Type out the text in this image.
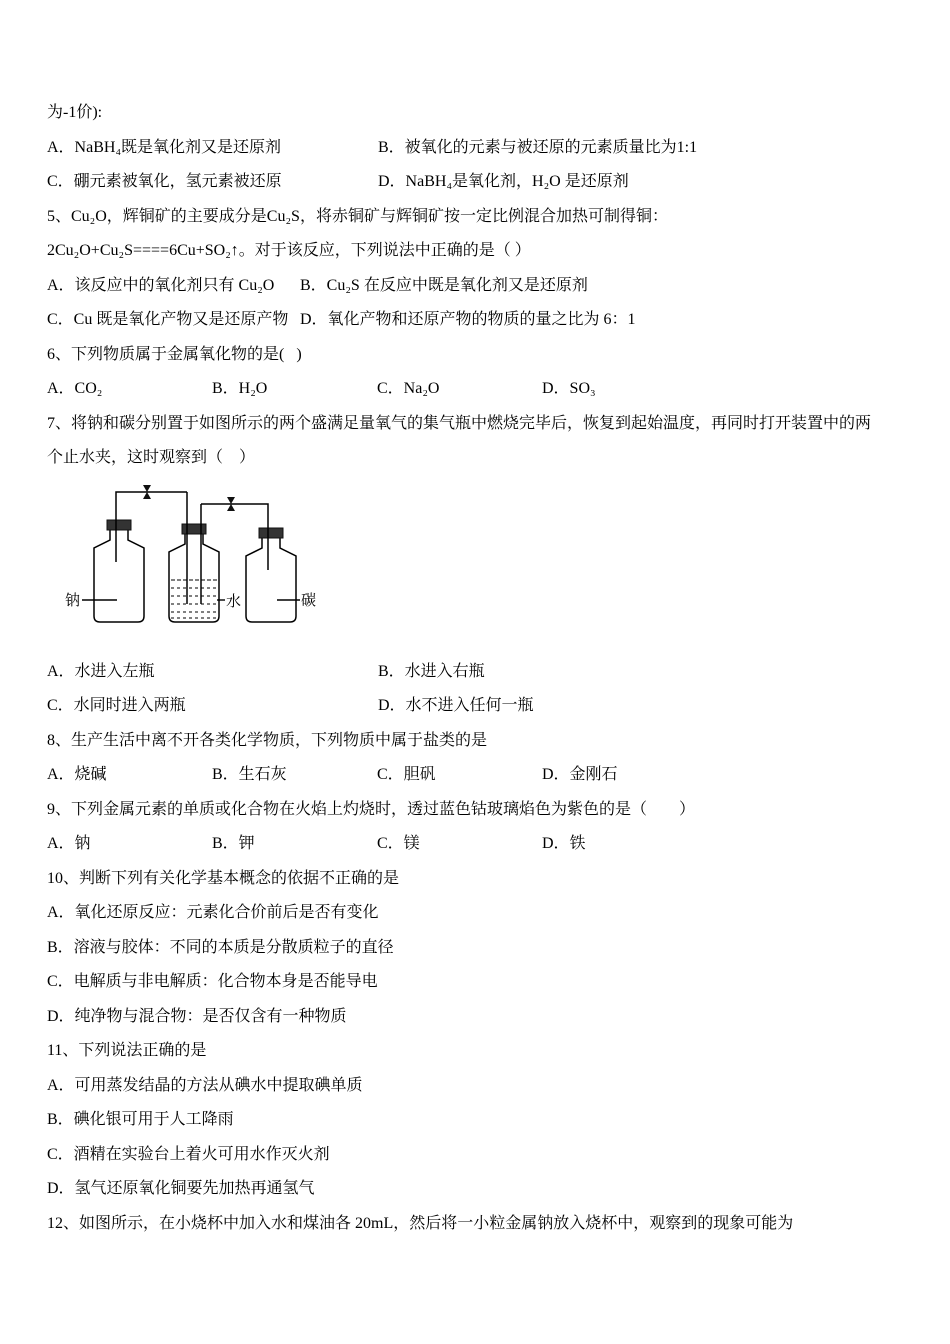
为-1价):
A．NaBH₄既是氧化剂又是还原剂	B．被氧化的元素与被还原的元素质量比为1:1
C．硼元素被氧化，氢元素被还原	D．NaBH₄是氧化剂，H₂O 是还原剂
5、Cu₂O，辉铜矿的主要成分是Cu₂S，将赤铜矿与辉铜矿按一定比例混合加热可制得铜：
2Cu₂O+Cu₂S====6Cu+SO₂↑。对于该反应，下列说法中正确的是（ ）
A．该反应中的氧化剂只有 Cu₂O	B．Cu₂S 在反应中既是氧化剂又是还原剂
C．Cu 既是氧化产物又是还原产物 D．氧化产物和还原产物的物质的量之比为 6：1
6、下列物质属于金属氧化物的是(   )
A．CO₂	B．H₂O	C．Na₂O	D．SO₃
7、将钠和碳分别置于如图所示的两个盛满足量氧气的集气瓶中燃烧完毕后，恢复到起始温度，再同时打开装置中的两
个止水夹，这时观察到（　）
钠	水	碳
A．水进入左瓶	B．水进入右瓶
C．水同时进入两瓶	D．水不进入任何一瓶
8、生产生活中离不开各类化学物质，下列物质中属于盐类的是
A．烧碱	B．生石灰	C．胆矾	D．金刚石
9、下列金属元素的单质或化合物在火焰上灼烧时，透过蓝色钴玻璃焰色为紫色的是（　　）
A．钠	B．钾	C．镁	D．铁
10、判断下列有关化学基本概念的依据不正确的是
A．氧化还原反应：元素化合价前后是否有变化
B．溶液与胶体：不同的本质是分散质粒子的直径
C．电解质与非电解质：化合物本身是否能导电
D．纯净物与混合物：是否仅含有一种物质
11、下列说法正确的是
A．可用蒸发结晶的方法从碘水中提取碘单质
B．碘化银可用于人工降雨
C．酒精在实验台上着火可用水作灭火剂
D．氢气还原氧化铜要先加热再通氢气
12、如图所示，在小烧杯中加入水和煤油各 20mL，然后将一小粒金属钠放入烧杯中，观察到的现象可能为
